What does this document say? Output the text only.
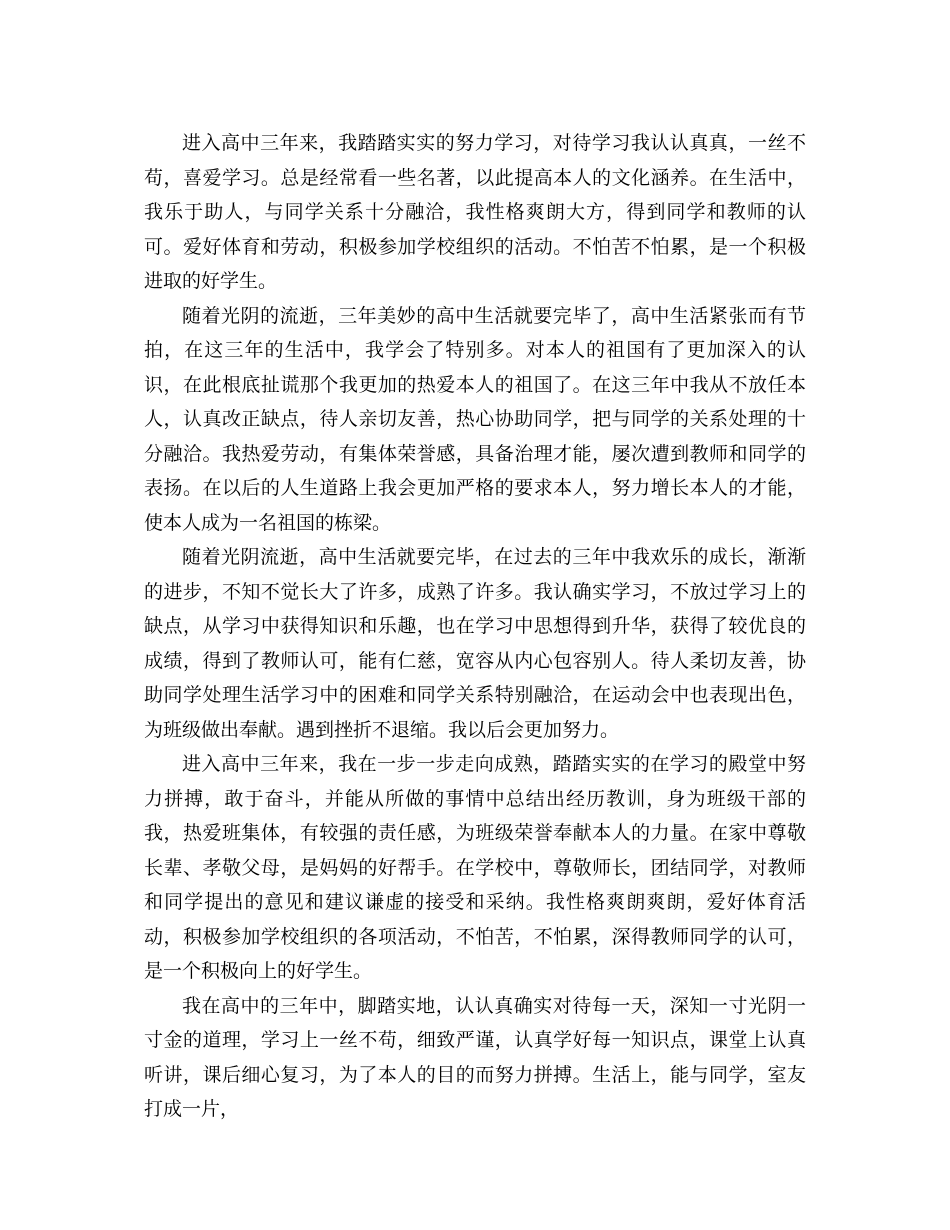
进入高中三年来，我踏踏实实的努力学习，对待学习我认认真真，一丝不苟，喜爱学习。总是经常看一些名著，以此提高本人的文化涵养。在生活中，我乐于助人，与同学关系十分融洽，我性格爽朗大方，得到同学和教师的认可。爱好体育和劳动，积极参加学校组织的活动。不怕苦不怕累，是一个积极进取的好学生。

随着光阴的流逝，三年美妙的高中生活就要完毕了，高中生活紧张而有节拍，在这三年的生活中，我学会了特别多。对本人的祖国有了更加深入的认识，在此根底扯谎那个我更加的热爱本人的祖国了。在这三年中我从不放任本人，认真改正缺点，待人亲切友善，热心协助同学，把与同学的关系处理的十分融洽。我热爱劳动，有集体荣誉感，具备治理才能，屡次遭到教师和同学的表扬。在以后的人生道路上我会更加严格的要求本人，努力增长本人的才能，使本人成为一名祖国的栋梁。

随着光阴流逝，高中生活就要完毕，在过去的三年中我欢乐的成长，渐渐的进步，不知不觉长大了许多，成熟了许多。我认确实学习，不放过学习上的缺点，从学习中获得知识和乐趣，也在学习中思想得到升华，获得了较优良的成绩，得到了教师认可，能有仁慈，宽容从内心包容别人。待人柔切友善，协助同学处理生活学习中的困难和同学关系特别融洽，在运动会中也表现出色，为班级做出奉献。遇到挫折不退缩。我以后会更加努力。

进入高中三年来，我在一步一步走向成熟，踏踏实实的在学习的殿堂中努力拼搏，敢于奋斗，并能从所做的事情中总结出经历教训，身为班级干部的我，热爱班集体，有较强的责任感，为班级荣誉奉献本人的力量。在家中尊敬长辈、孝敬父母，是妈妈的好帮手。在学校中，尊敬师长，团结同学，对教师和同学提出的意见和建议谦虚的接受和采纳。我性格爽朗爽朗，爱好体育活动，积极参加学校组织的各项活动，不怕苦，不怕累，深得教师同学的认可，是一个积极向上的好学生。

我在高中的三年中，脚踏实地，认认真确实对待每一天，深知一寸光阴一寸金的道理，学习上一丝不苟，细致严谨，认真学好每一知识点，课堂上认真听讲，课后细心复习，为了本人的目的而努力拼搏。生活上，能与同学，室友打成一片，
